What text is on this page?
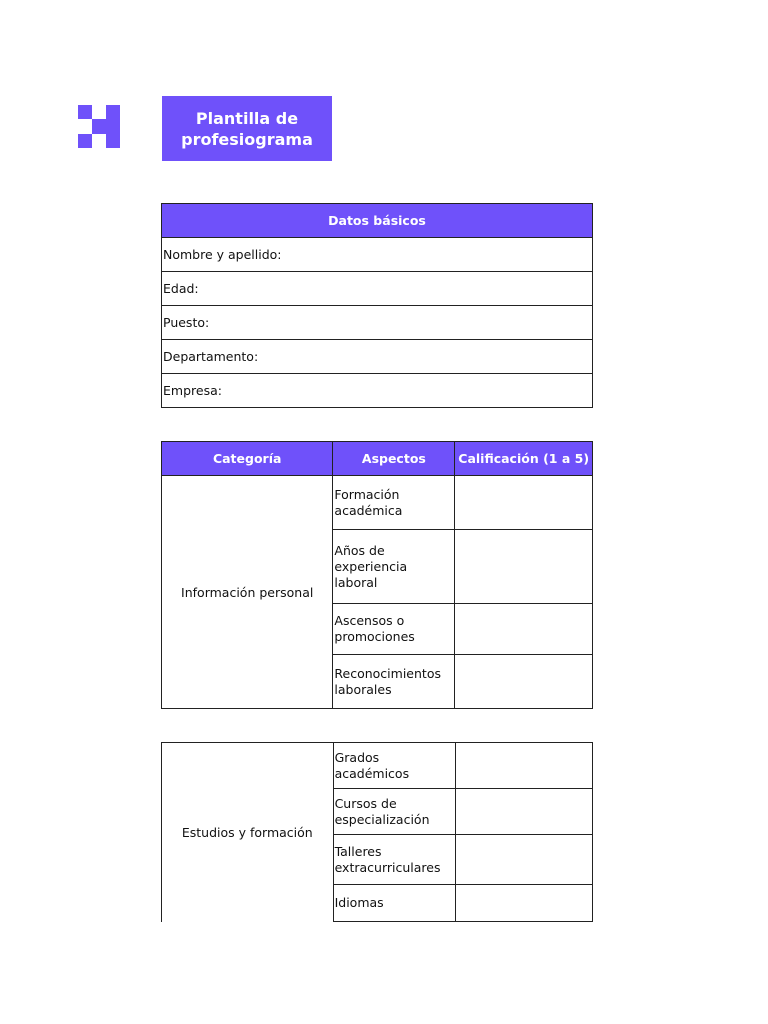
Plantilla de
profesiograma
Datos básicos
Nombre y apellido:
Edad:
Puesto:
Departamento:
Empresa:
Categoría	Aspectos	Calificación (1 a 5)
Información personal	Formación
académica	
	Años de
experiencia laboral	
	Ascensos o
promociones	
	Reconocimientos
laborales	
Estudios y formación	Grados
académicos	
	Cursos de
especialización	
	Talleres
extracurriculares	
	Idiomas	
